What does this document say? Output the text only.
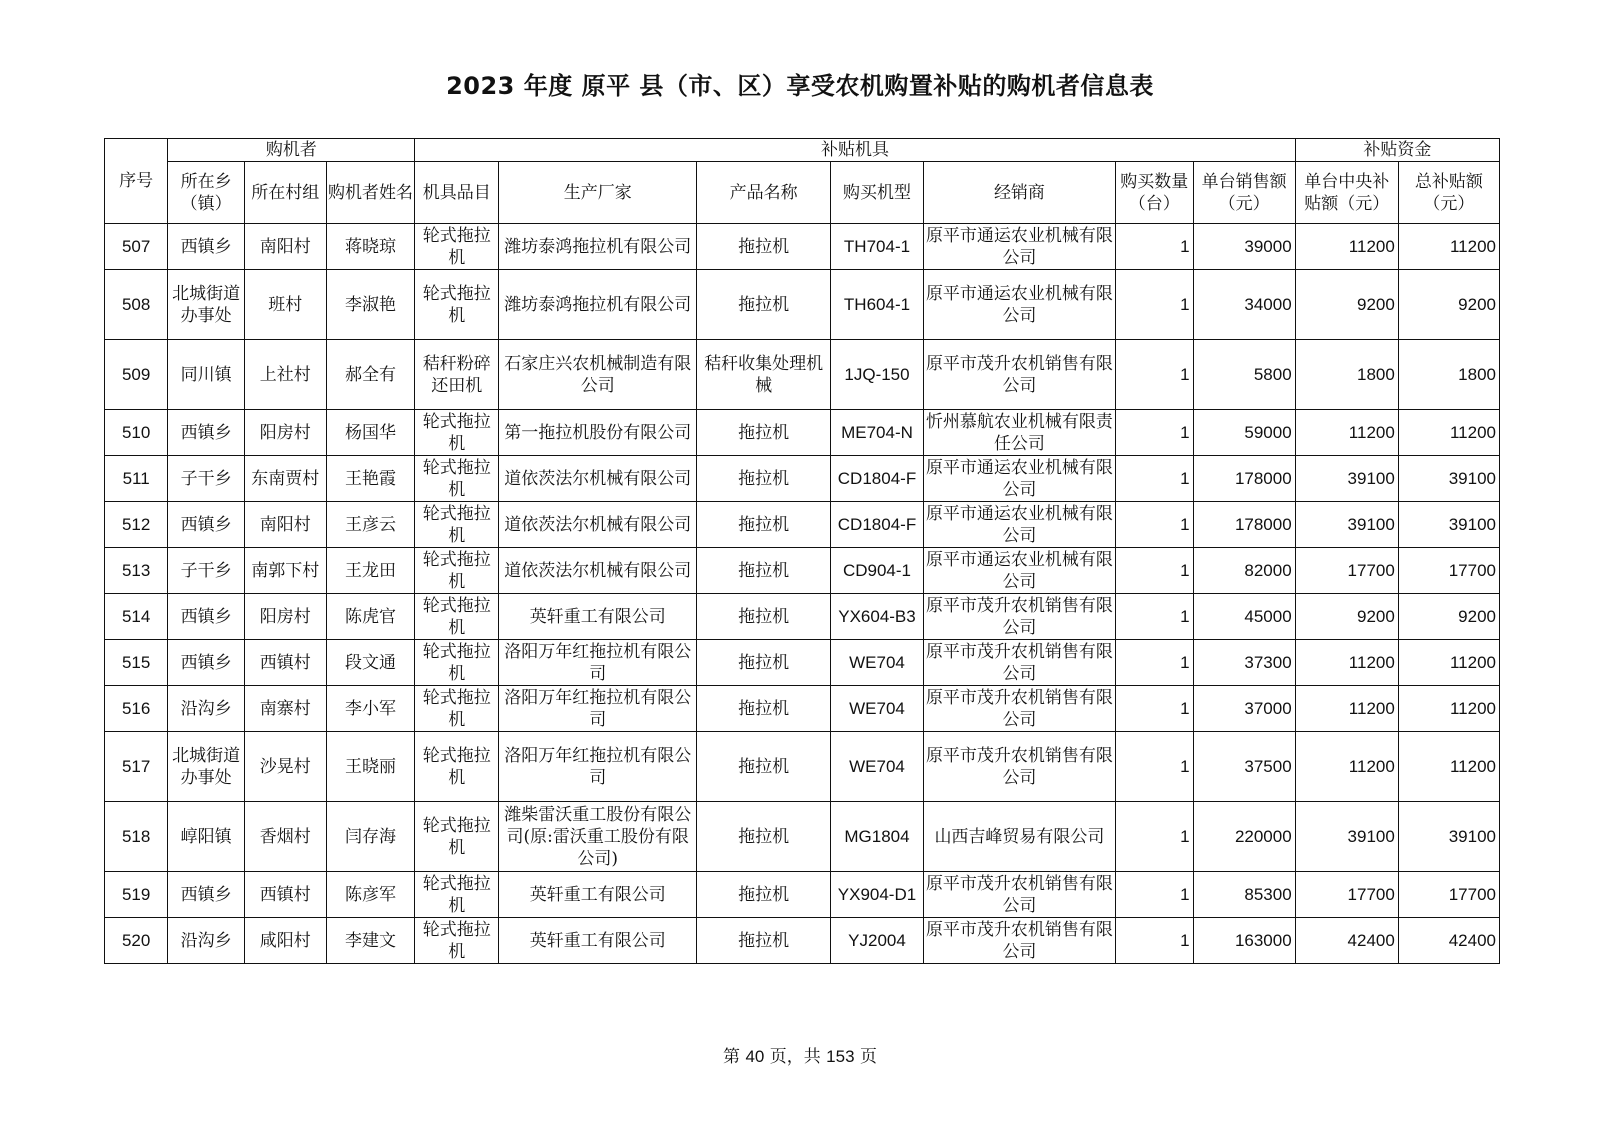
2023 年度 原平 县（市、区）享受农机购置补贴的购机者信息表
序号	购机者			补贴机具							补贴资金	
	所在乡（镇）	所在村组	购机者姓名	机具品目	生产厂家	产品名称	购买机型	经销商	购买数量（台）	单台销售额（元）	单台中央补贴额（元）	总补贴额（元）
507	西镇乡	南阳村	蒋晓琼	轮式拖拉机	潍坊泰鸿拖拉机有限公司	拖拉机	TH704-1	原平市通运农业机械有限公司	1	39000	11200	11200
508	北城街道办事处	班村	李淑艳	轮式拖拉机	潍坊泰鸿拖拉机有限公司	拖拉机	TH604-1	原平市通运农业机械有限公司	1	34000	9200	9200
509	同川镇	上社村	郝全有	秸秆粉碎还田机	石家庄兴农机械制造有限公司	秸秆收集处理机械	1JQ-150	原平市茂升农机销售有限公司	1	5800	1800	1800
510	西镇乡	阳房村	杨国华	轮式拖拉机	第一拖拉机股份有限公司	拖拉机	ME704-N	忻州慕航农业机械有限责任公司	1	59000	11200	11200
511	子干乡	东南贾村	王艳霞	轮式拖拉机	道依茨法尔机械有限公司	拖拉机	CD1804-F	原平市通运农业机械有限公司	1	178000	39100	39100
512	西镇乡	南阳村	王彦云	轮式拖拉机	道依茨法尔机械有限公司	拖拉机	CD1804-F	原平市通运农业机械有限公司	1	178000	39100	39100
513	子干乡	南郭下村	王龙田	轮式拖拉机	道依茨法尔机械有限公司	拖拉机	CD904-1	原平市通运农业机械有限公司	1	82000	17700	17700
514	西镇乡	阳房村	陈虎官	轮式拖拉机	英轩重工有限公司	拖拉机	YX604-B3	原平市茂升农机销售有限公司	1	45000	9200	9200
515	西镇乡	西镇村	段文通	轮式拖拉机	洛阳万年红拖拉机有限公司	拖拉机	WE704	原平市茂升农机销售有限公司	1	37300	11200	11200
516	沿沟乡	南寨村	李小军	轮式拖拉机	洛阳万年红拖拉机有限公司	拖拉机	WE704	原平市茂升农机销售有限公司	1	37000	11200	11200
517	北城街道办事处	沙晃村	王晓丽	轮式拖拉机	洛阳万年红拖拉机有限公司	拖拉机	WE704	原平市茂升农机销售有限公司	1	37500	11200	11200
518	崞阳镇	香烟村	闫存海	轮式拖拉机	潍柴雷沃重工股份有限公司(原:雷沃重工股份有限公司)	拖拉机	MG1804	山西吉峰贸易有限公司	1	220000	39100	39100
519	西镇乡	西镇村	陈彦军	轮式拖拉机	英轩重工有限公司	拖拉机	YX904-D1	原平市茂升农机销售有限公司	1	85300	17700	17700
520	沿沟乡	咸阳村	李建文	轮式拖拉机	英轩重工有限公司	拖拉机	YJ2004	原平市茂升农机销售有限公司	1	163000	42400	42400
第 40 页，共 153 页
